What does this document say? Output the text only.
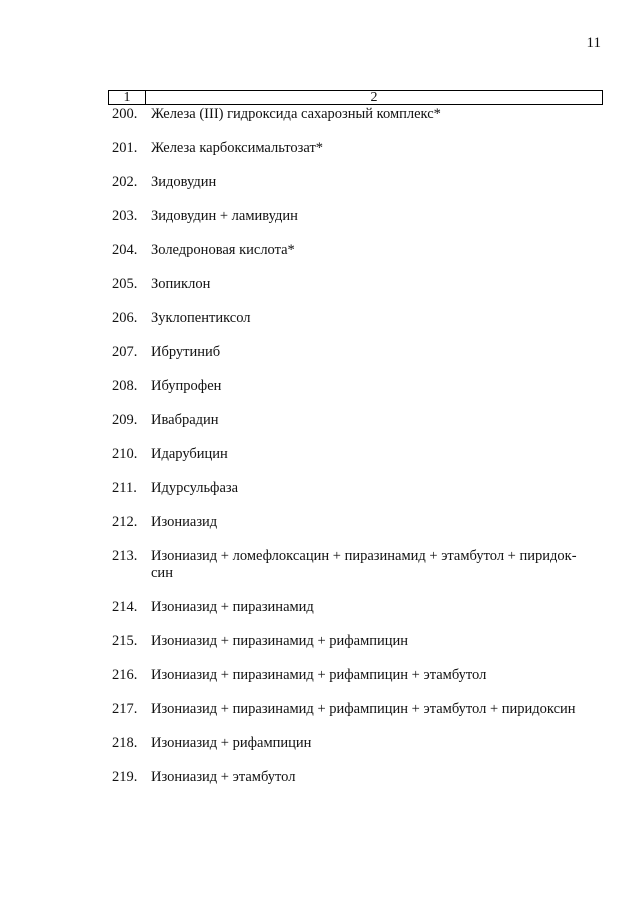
11
1	2
200. Железа (III) гидроксида сахарозный комплекс*
201. Железа карбоксимальтозат*
202. Зидовудин
203. Зидовудин + ламивудин
204. Золедроновая кислота*
205. Зопиклон
206. Зуклопентиксол
207. Ибрутиниб
208. Ибупрофен
209. Ивабрадин
210. Идарубицин
211. Идурсульфаза
212. Изониазид
213. Изониазид + ломефлоксацин + пиразинамид + этамбутол + пиридок-
син
214. Изониазид + пиразинамид
215. Изониазид + пиразинамид + рифампицин
216. Изониазид + пиразинамид + рифампицин + этамбутол
217. Изониазид + пиразинамид + рифампицин + этамбутол + пиридоксин
218. Изониазид + рифампицин
219. Изониазид + этамбутол
